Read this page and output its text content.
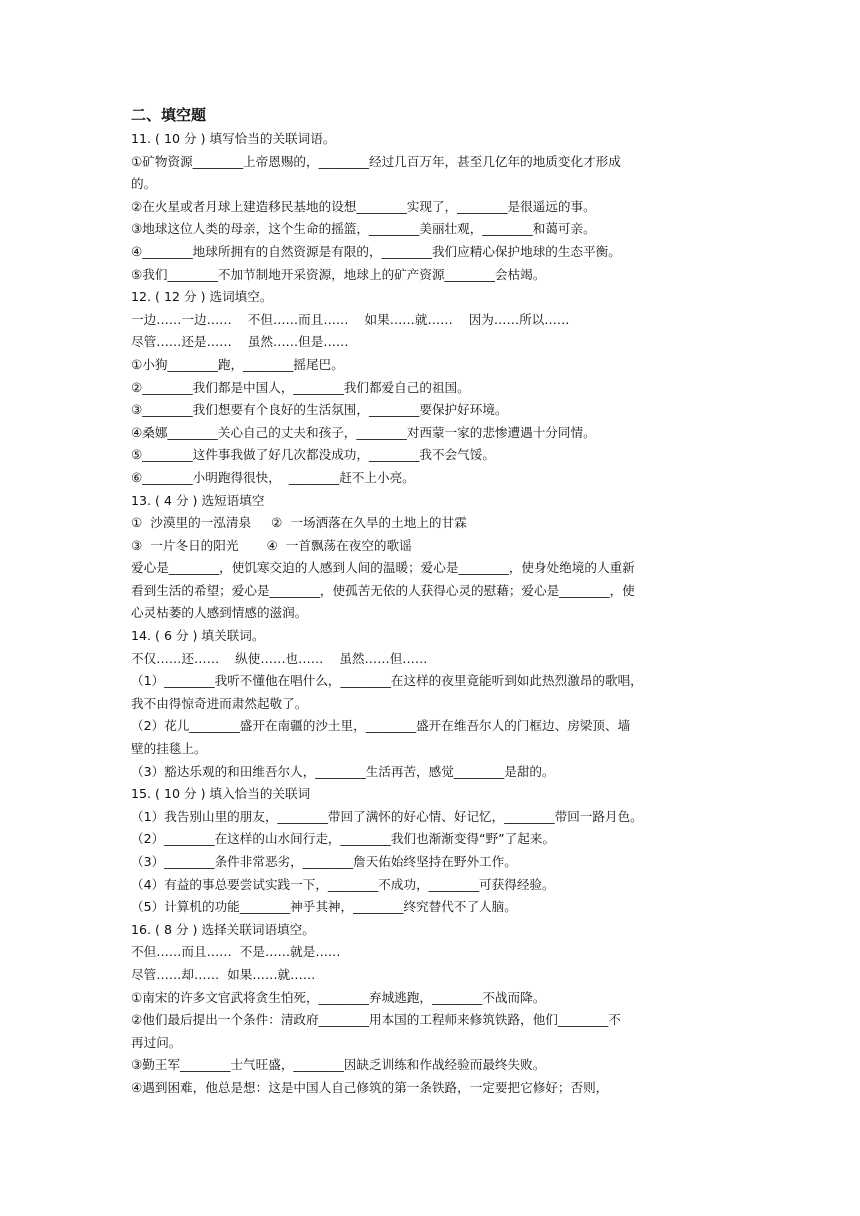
二、填空题
11. ( 10 分 ) 填写恰当的关联词语。
①矿物资源________上帝恩赐的，________经过几百万年，甚至几亿年的地质变化才形成
的。
②在火星或者月球上建造移民基地的设想________实现了，________是很遥远的事。
③地球这位人类的母亲，这个生命的摇篮，________美丽壮观，________和蔼可亲。
④________地球所拥有的自然资源是有限的，________我们应精心保护地球的生态平衡。
⑤我们________不加节制地开采资源，地球上的矿产资源________会枯竭。
12. ( 12 分 ) 选词填空。
一边……一边……    不但……而且……    如果……就……    因为……所以……
尽管……还是……    虽然……但是……
①小狗________跑，________摇尾巴。
②________我们都是中国人，________我们都爱自己的祖国。
③________我们想要有个良好的生活氛围，________要保护好环境。
④桑娜________关心自己的丈夫和孩子，________对西蒙一家的悲惨遭遇十分同情。
⑤________这件事我做了好几次都没成功，________我不会气馁。
⑥________小明跑得很快，  ________赶不上小亮。
13. ( 4 分 ) 选短语填空
①  沙漠里的一泓清泉     ②  一场洒落在久旱的土地上的甘霖
③  一片冬日的阳光       ④  一首飘荡在夜空的歌谣
爱心是________，使饥寒交迫的人感到人间的温暖；爱心是________，使身处绝境的人重新
看到生活的希望；爱心是________，使孤苦无依的人获得心灵的慰藉；爱心是________，使
心灵枯萎的人感到情感的滋润。
14. ( 6 分 ) 填关联词。
不仅……还……    纵使……也……    虽然……但……
（1）________我听不懂他在唱什么，________在这样的夜里竟能听到如此热烈激昂的歌唱，
我不由得惊奇进而肃然起敬了。
（2）花儿________盛开在南疆的沙土里，________盛开在维吾尔人的门框边、房梁顶、墙
壁的挂毯上。
（3）豁达乐观的和田维吾尔人，________生活再苦，感觉________是甜的。
15. ( 10 分 ) 填入恰当的关联词
（1）我告别山里的朋友，________带回了满怀的好心情、好记忆，________带回一路月色。
（2）________在这样的山水间行走，________我们也渐渐变得“野”了起来。
（3）________条件非常恶劣，________詹天佑始终坚持在野外工作。
（4）有益的事总要尝试实践一下，________不成功，________可获得经验。
（5）计算机的功能________神乎其神，________终究替代不了人脑。
16. ( 8 分 ) 选择关联词语填空。
不但……而且……  不是……就是……
尽管……却……  如果……就……
①南宋的许多文官武将贪生怕死，________弃城逃跑，________不战而降。
②他们最后提出一个条件：清政府________用本国的工程师来修筑铁路，他们________不
再过问。
③勤王军________士气旺盛，________因缺乏训练和作战经验而最终失败。
④遇到困难，他总是想：这是中国人自己修筑的第一条铁路，一定要把它修好；否则，
